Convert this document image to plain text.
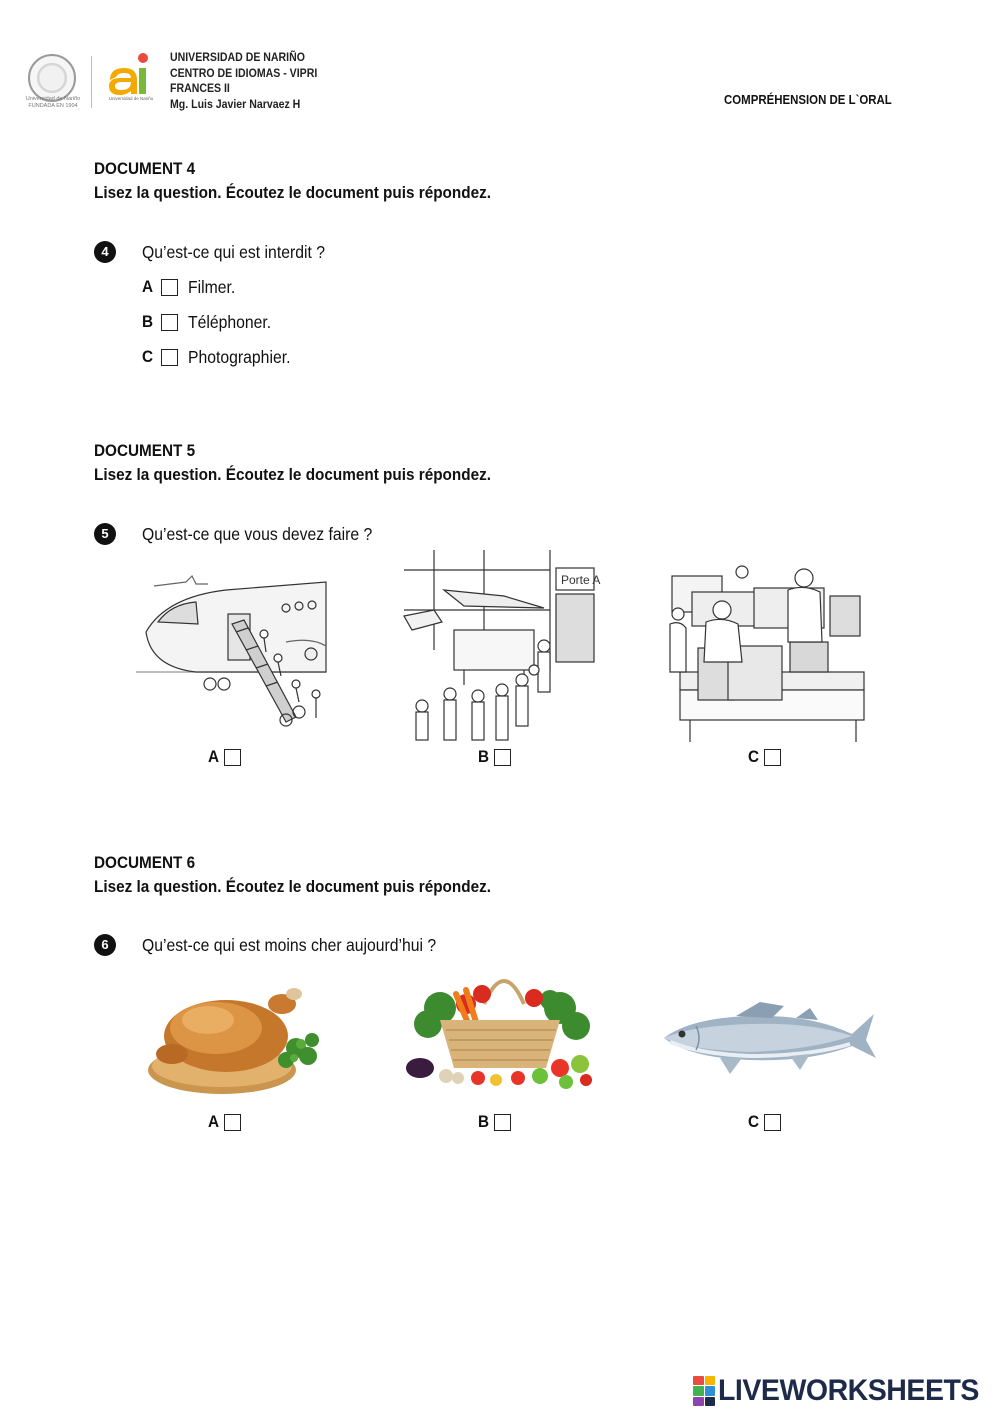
Universidad de Nariño
FUNDADA EN 1904
Universidad de Nariño
UNIVERSIDAD DE NARIÑO
CENTRO DE IDIOMAS - VIPRI
FRANCES II
Mg. Luis Javier Narvaez H	COMPRÉHENSION DE L`ORAL
DOCUMENT 4
Lisez la question. Écoutez le document puis répondez.
4	Qu’est-ce qui est interdit ?
A	Filmer.
B	Téléphoner.
C	Photographier.
DOCUMENT 5
Lisez la question. Écoutez le document puis répondez.
5	Qu’est-ce que vous devez faire ?
A
Porte A
B	C
DOCUMENT 6
Lisez la question. Écoutez le document puis répondez.
6	Qu’est-ce qui est moins cher aujourd’hui ?
A	B	C
LIVEWORKSHEETS
